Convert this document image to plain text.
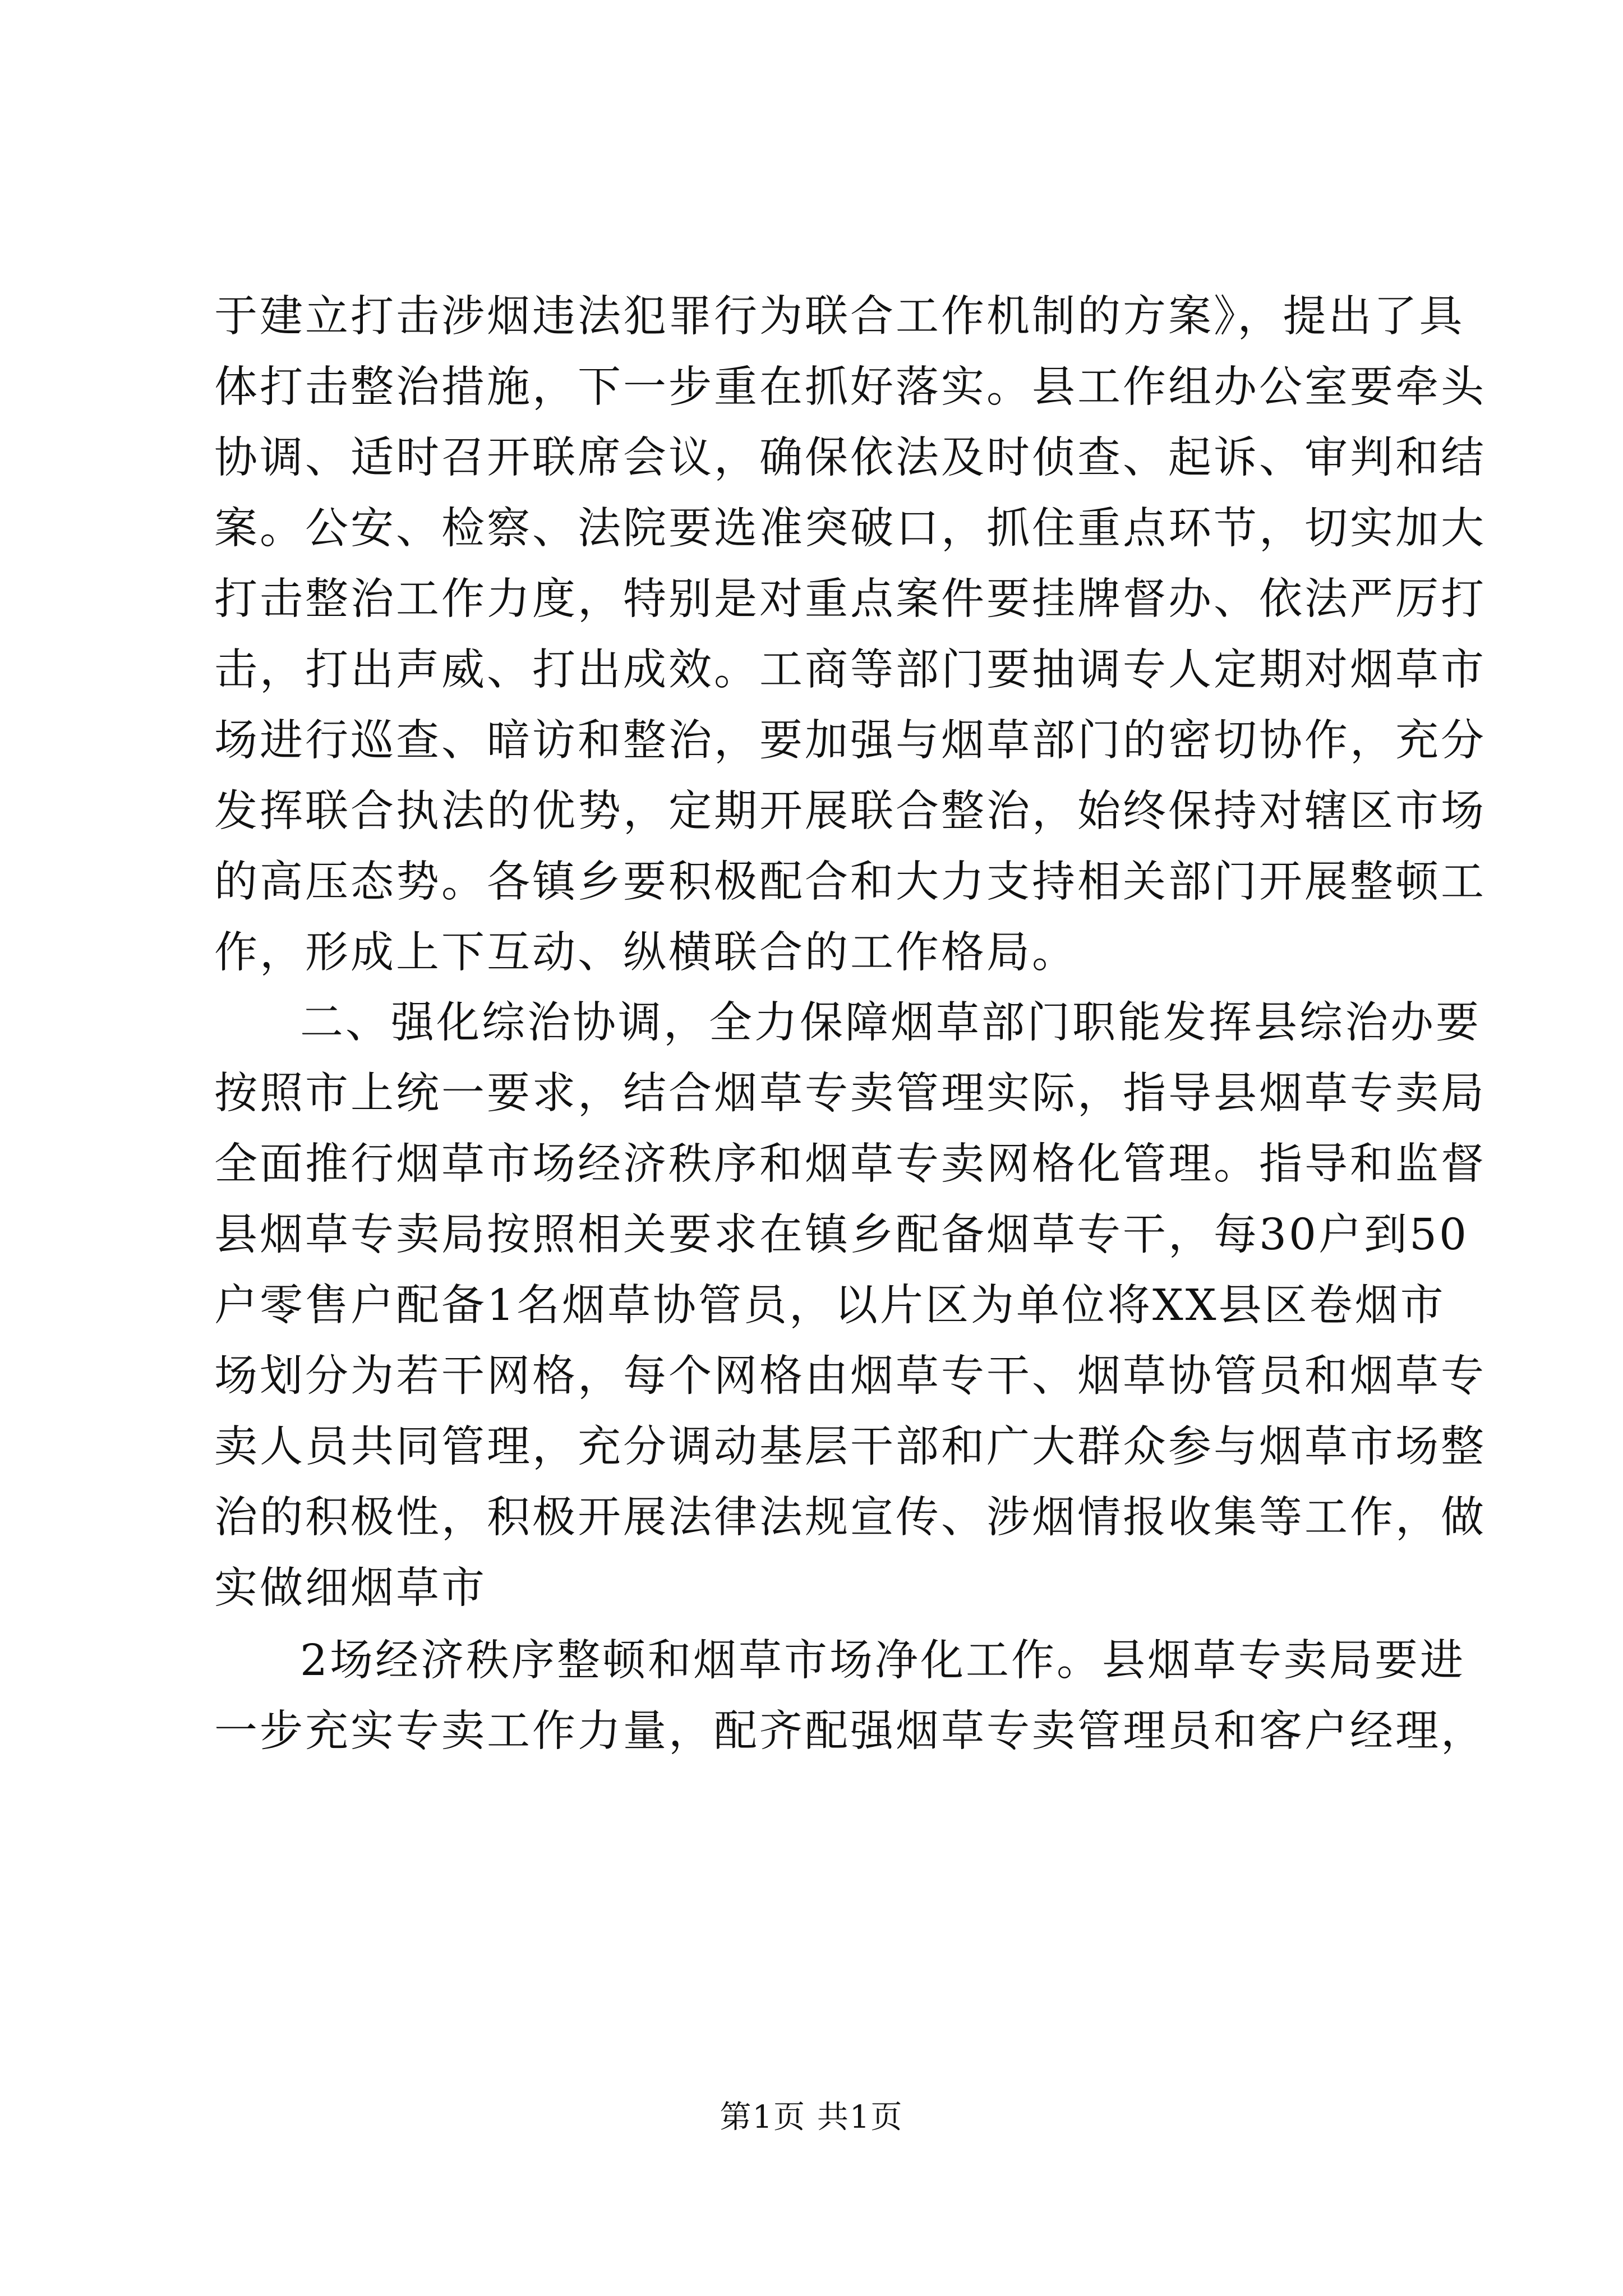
于建立打击涉烟违法犯罪行为联合工作机制的方案》，提出了具
体打击整治措施，下一步重在抓好落实。县工作组办公室要牵头
协调、适时召开联席会议，确保依法及时侦查、起诉、审判和结
案。公安、检察、法院要选准突破口，抓住重点环节，切实加大
打击整治工作力度，特别是对重点案件要挂牌督办、依法严厉打
击，打出声威、打出成效。工商等部门要抽调专人定期对烟草市
场进行巡查、暗访和整治，要加强与烟草部门的密切协作，充分
发挥联合执法的优势，定期开展联合整治，始终保持对辖区市场
的高压态势。各镇乡要积极配合和大力支持相关部门开展整顿工
作，形成上下互动、纵横联合的工作格局。
二、强化综治协调，全力保障烟草部门职能发挥县综治办要
按照市上统一要求，结合烟草专卖管理实际，指导县烟草专卖局
全面推行烟草市场经济秩序和烟草专卖网格化管理。指导和监督
县烟草专卖局按照相关要求在镇乡配备烟草专干，每30户到50
户零售户配备1名烟草协管员，以片区为单位将XX县区卷烟市
场划分为若干网格，每个网格由烟草专干、烟草协管员和烟草专
卖人员共同管理，充分调动基层干部和广大群众参与烟草市场整
治的积极性，积极开展法律法规宣传、涉烟情报收集等工作，做
实做细烟草市
2场经济秩序整顿和烟草市场净化工作。县烟草专卖局要进
一步充实专卖工作力量，配齐配强烟草专卖管理员和客户经理，
第1页 共1页
